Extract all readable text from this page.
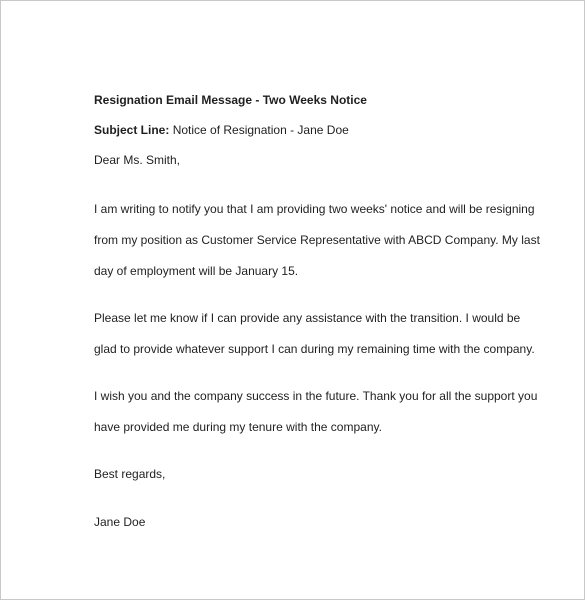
Resignation Email Message - Two Weeks Notice
Subject Line: Notice of Resignation - Jane Doe
Dear Ms. Smith,
I am writing to notify you that I am providing two weeks' notice and will be resigning
from my position as Customer Service Representative with ABCD Company. My last
day of employment will be January 15.
Please let me know if I can provide any assistance with the transition. I would be
glad to provide whatever support I can during my remaining time with the company.
I wish you and the company success in the future. Thank you for all the support you
have provided me during my tenure with the company.
Best regards,
Jane Doe
